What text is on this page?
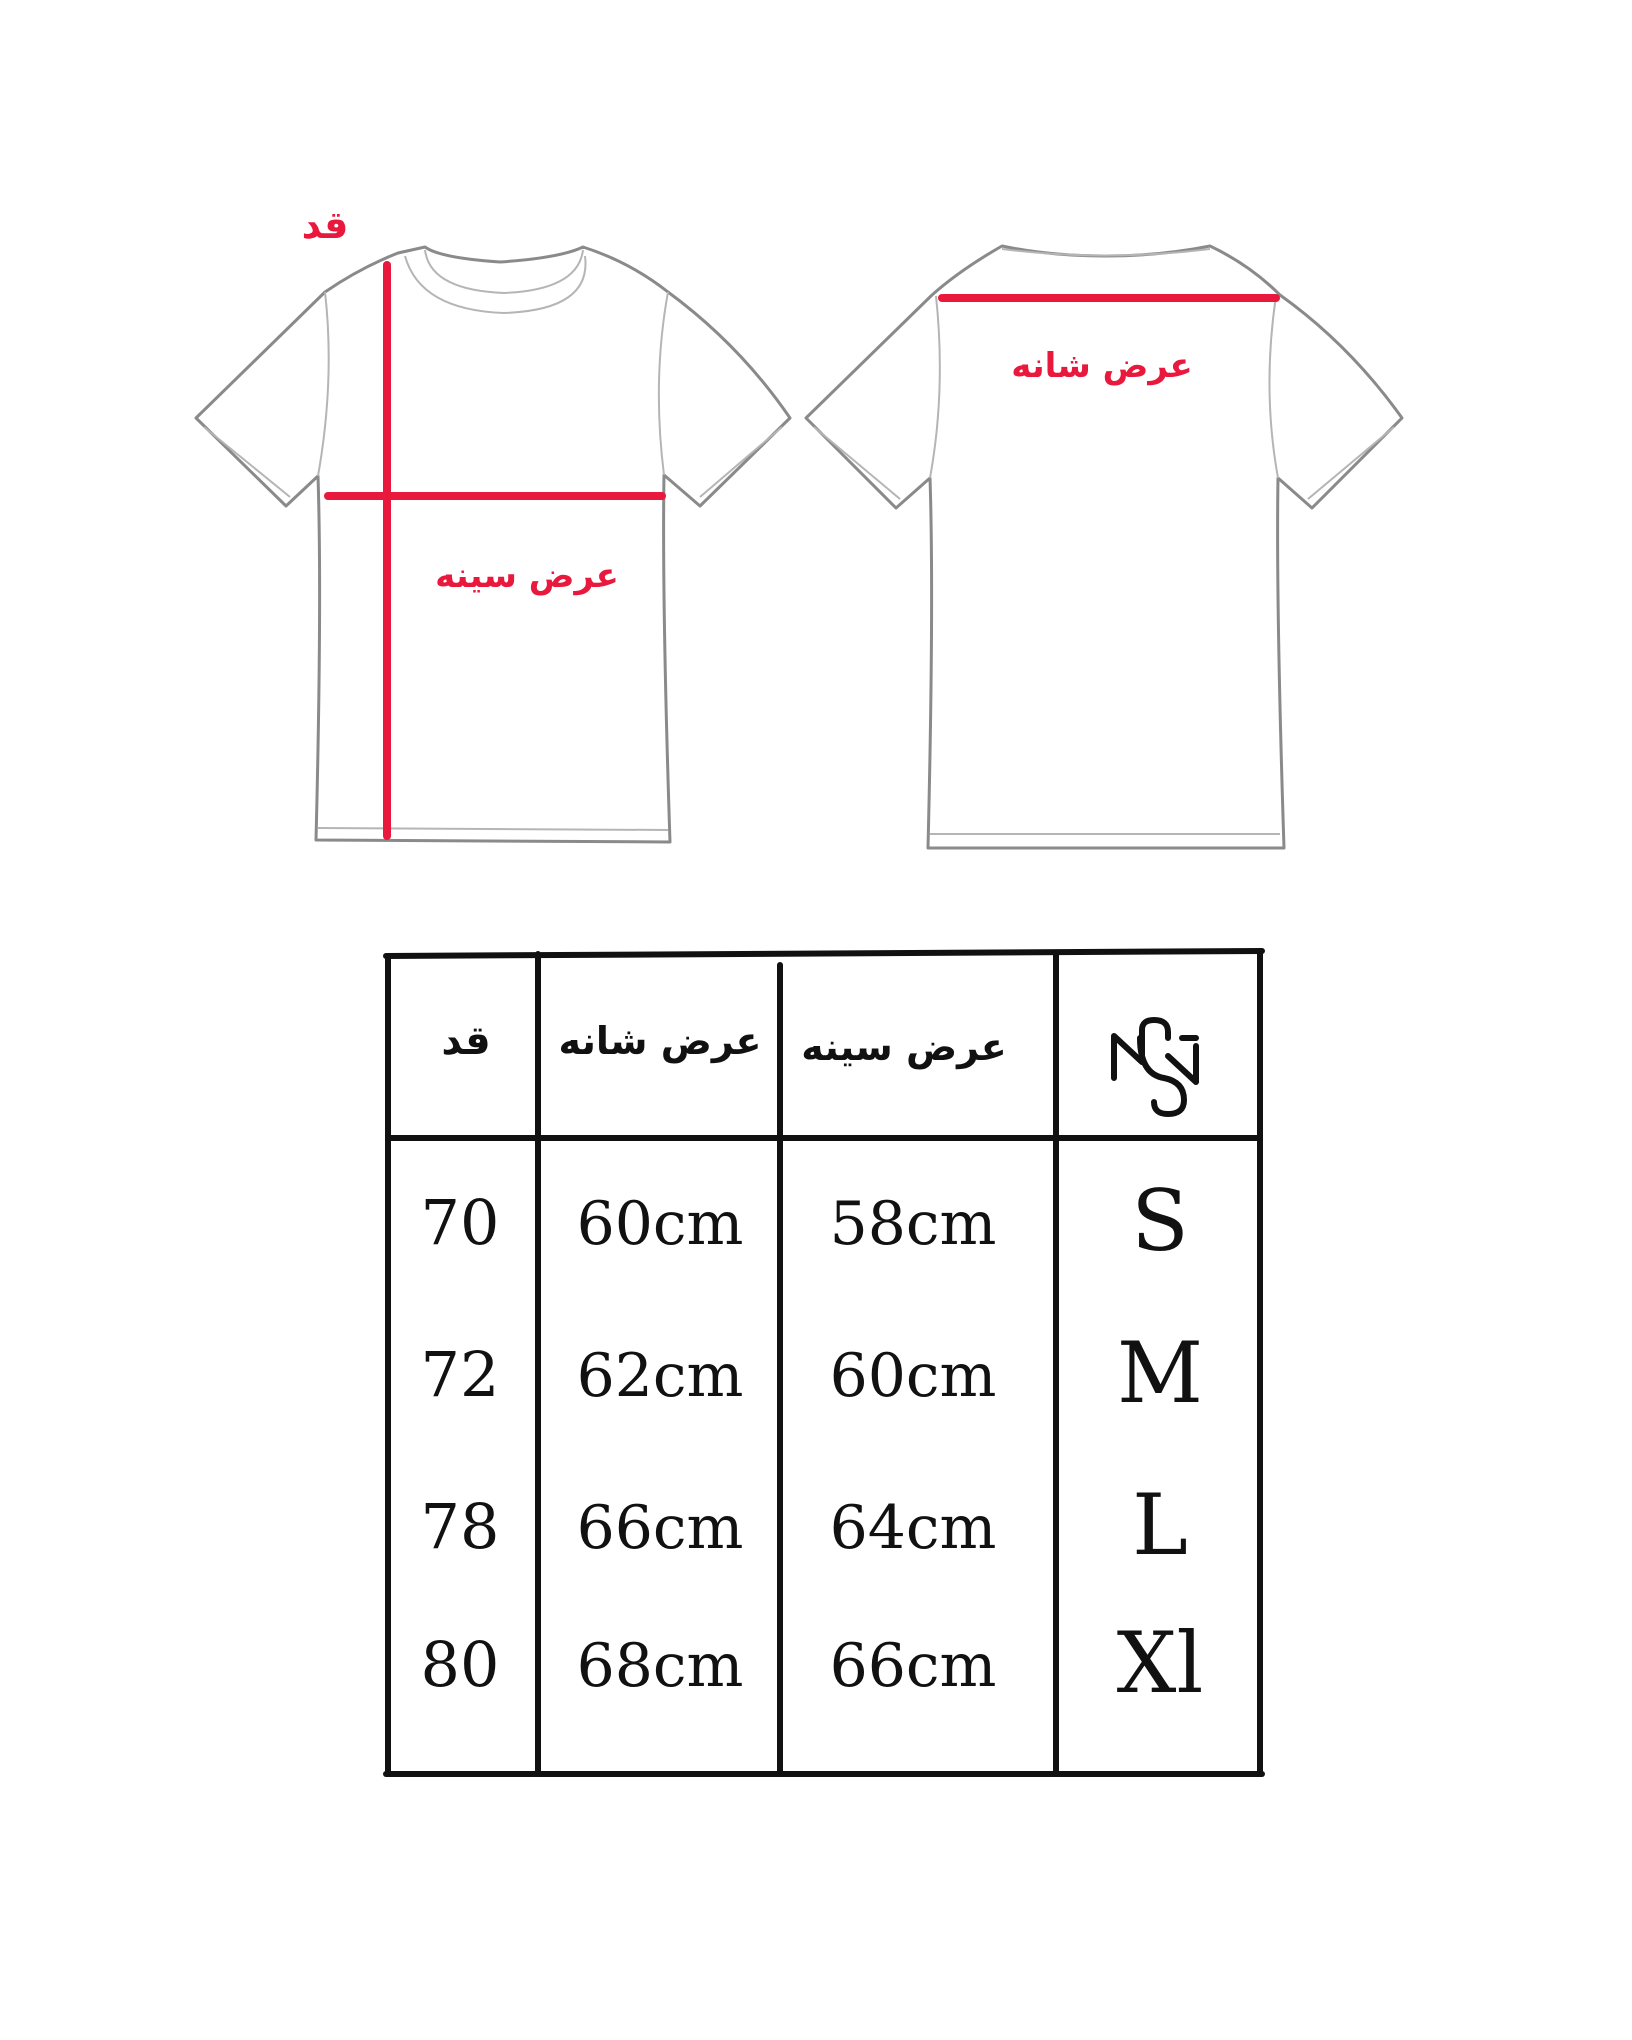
قد
عرض سینه
عرض شانه
قد عرض شانه عرض سینه
70 60cm 58cm S
72 62cm 60cm M
78 66cm 64cm L
80 68cm 66cm Xl
